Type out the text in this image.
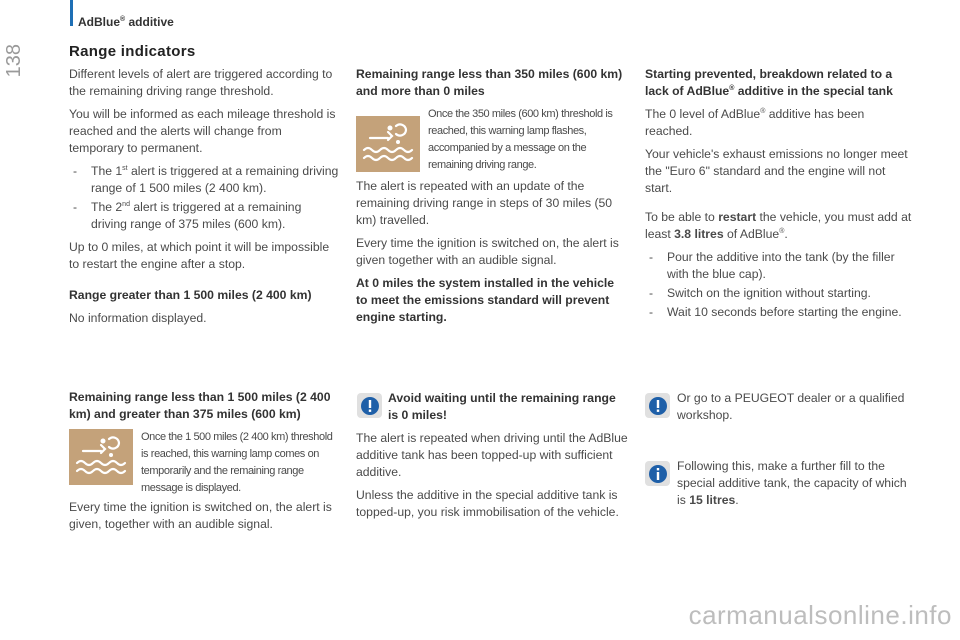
138
AdBlue® additive
Range indicators

Different levels of alert are triggered according to the remaining driving range threshold.

You will be informed as each mileage threshold is reached and the alerts will change from temporary to permanent.

- The 1st alert is triggered at a remaining driving range of 1 500 miles (2 400 km).
- The 2nd alert is triggered at a remaining driving range of 375 miles (600 km).

Up to 0 miles, at which point it will be impossible to restart the engine after a stop.

Range greater than 1 500 miles (2 400 km)

No information displayed.

Remaining range less than 1 500 miles (2 400 km) and greater than 375 miles (600 km)

Once the 1 500 miles (2 400 km) threshold is reached, this warning lamp comes on temporarily and the remaining range message is displayed.

Every time the ignition is switched on, the alert is given, together with an audible signal.

Remaining range less than 350 miles (600 km) and more than 0 miles

Once the 350 miles (600 km) threshold is reached, this warning lamp flashes, accompanied by a message on the remaining driving range.

The alert is repeated with an update of the remaining driving range in steps of 30 miles (50 km) travelled.

Every time the ignition is switched on, the alert is given together with an audible signal.

At 0 miles the system installed in the vehicle to meet the emissions standard will prevent engine starting.

Avoid waiting until the remaining range is 0 miles!

The alert is repeated when driving until the AdBlue additive tank has been topped-up with sufficient additive.

Unless the additive in the special additive tank is topped-up, you risk immobilisation of the vehicle.

Starting prevented, breakdown related to a lack of AdBlue® additive in the special tank

The 0 level of AdBlue® additive has been reached.

Your vehicle's exhaust emissions no longer meet the "Euro 6" standard and the engine will not start.

To be able to restart the vehicle, you must add at least 3.8 litres of AdBlue®.

- Pour the additive into the tank (by the filler with the blue cap).
- Switch on the ignition without starting.
- Wait 10 seconds before starting the engine.
Or go to a PEUGEOT dealer or a qualified workshop.
Following this, make a further fill to the special additive tank, the capacity of which is 15 litres.
carmanualsonline.info
